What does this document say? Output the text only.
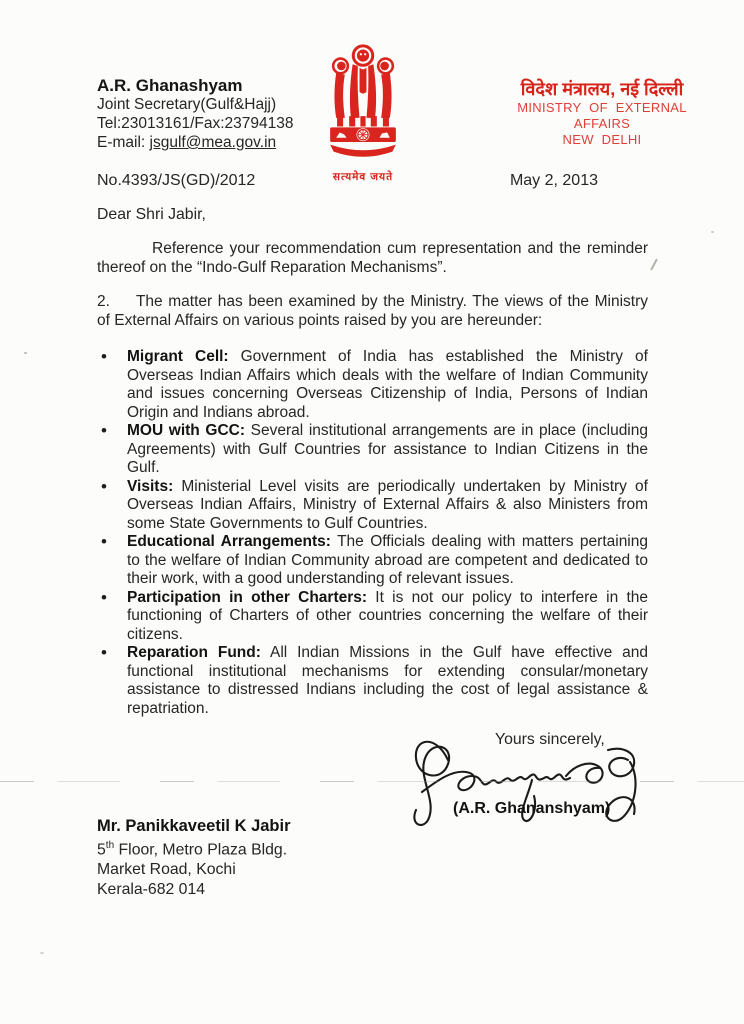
A.R. Ghanashyam
Joint Secretary(Gulf&Hajj)
Tel:23013161/Fax:23794138
E-mail: jsgulf@mea.gov.in
सत्यमेव जयते
विदेश मंत्रालय, नई दिल्ली
MINISTRY OF EXTERNAL AFFAIRS
NEW DELHI
No.4393/JS(GD)/2012	May 2, 2013
Dear Shri Jabir,

Reference your recommendation cum representation and the reminder thereof on the “Indo-Gulf Reparation Mechanisms”.

2. The matter has been examined by the Ministry. The views of the Ministry of External Affairs on various points raised by you are hereunder:

• Migrant Cell: Government of India has established the Ministry of Overseas Indian Affairs which deals with the welfare of Indian Community and issues concerning Overseas Citizenship of India, Persons of Indian Origin and Indians abroad.
• MOU with GCC: Several institutional arrangements are in place (including Agreements) with Gulf Countries for assistance to Indian Citizens in the Gulf.
• Visits: Ministerial Level visits are periodically undertaken by Ministry of Overseas Indian Affairs, Ministry of External Affairs & also Ministers from some State Governments to Gulf Countries.
• Educational Arrangements: The Officials dealing with matters pertaining to the welfare of Indian Community abroad are competent and dedicated to their work, with a good understanding of relevant issues.
• Participation in other Charters: It is not our policy to interfere in the functioning of Charters of other countries concerning the welfare of their citizens.
• Reparation Fund: All Indian Missions in the Gulf have effective and functional institutional mechanisms for extending consular/monetary assistance to distressed Indians including the cost of legal assistance & repatriation.
Yours sincerely,
(A.R. Ghananshyam)
Mr. Panikkaveetil K Jabir
5th Floor, Metro Plaza Bldg.
Market Road, Kochi
Kerala-682 014
